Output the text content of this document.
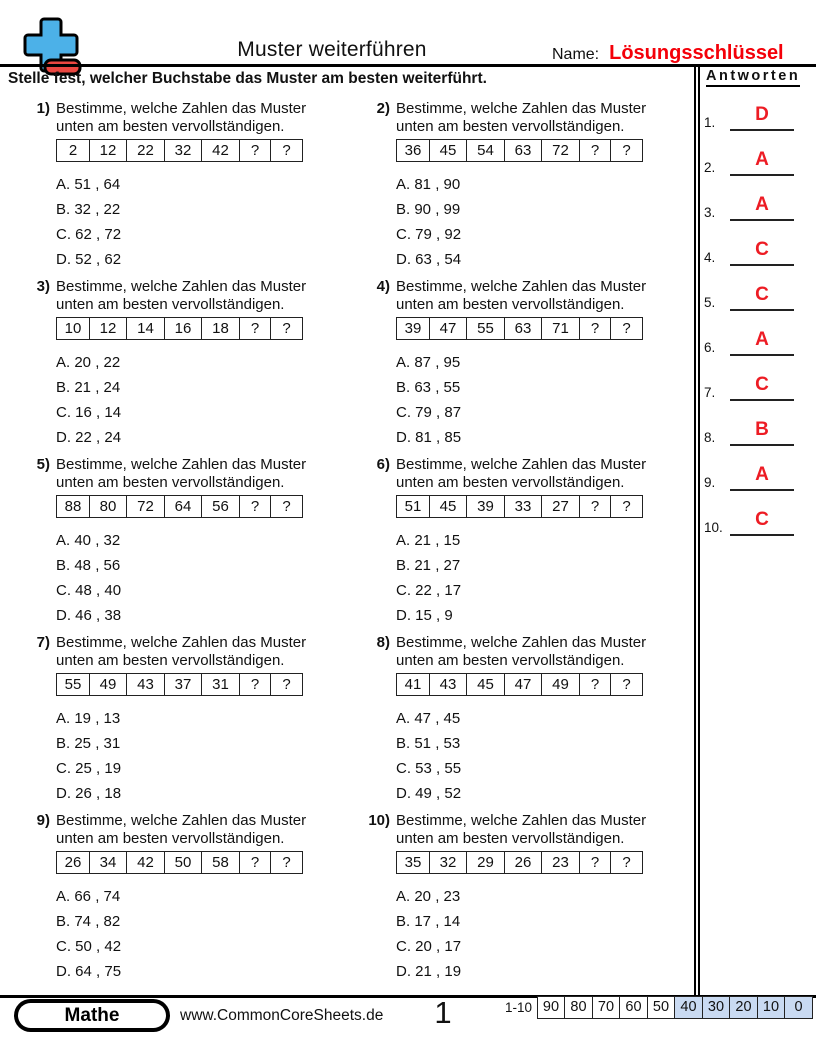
Muster weiterführen	Name: Lösungsschlüssel
Stelle fest, welcher Buchstabe das Muster am besten weiterführt.
1) Bestimme, welche Zahlen das Muster
unten am besten vervollständigen.
2	12	22	32	42	?	?
A. 51 , 64
B. 32 , 22
C. 62 , 72
D. 52 , 62
2) Bestimme, welche Zahlen das Muster
unten am besten vervollständigen.
36	45	54	63	72	?	?
A. 81 , 90
B. 90 , 99
C. 79 , 92
D. 63 , 54
3) Bestimme, welche Zahlen das Muster
unten am besten vervollständigen.
10	12	14	16	18	?	?
A. 20 , 22
B. 21 , 24
C. 16 , 14
D. 22 , 24
4) Bestimme, welche Zahlen das Muster
unten am besten vervollständigen.
39	47	55	63	71	?	?
A. 87 , 95
B. 63 , 55
C. 79 , 87
D. 81 , 85
5) Bestimme, welche Zahlen das Muster
unten am besten vervollständigen.
88	80	72	64	56	?	?
A. 40 , 32
B. 48 , 56
C. 48 , 40
D. 46 , 38
6) Bestimme, welche Zahlen das Muster
unten am besten vervollständigen.
51	45	39	33	27	?	?
A. 21 , 15
B. 21 , 27
C. 22 , 17
D. 15 , 9
7) Bestimme, welche Zahlen das Muster
unten am besten vervollständigen.
55	49	43	37	31	?	?
A. 19 , 13
B. 25 , 31
C. 25 , 19
D. 26 , 18
8) Bestimme, welche Zahlen das Muster
unten am besten vervollständigen.
41	43	45	47	49	?	?
A. 47 , 45
B. 51 , 53
C. 53 , 55
D. 49 , 52
9) Bestimme, welche Zahlen das Muster
unten am besten vervollständigen.
26	34	42	50	58	?	?
A. 66 , 74
B. 74 , 82
C. 50 , 42
D. 64 , 75
10) Bestimme, welche Zahlen das Muster
unten am besten vervollständigen.
35	32	29	26	23	?	?
A. 20 , 23
B. 17 , 14
C. 20 , 17
D. 21 , 19
Antworten
1.	D
2.	A
3.	A
4.	C
5.	C
6.	A
7.	C
8.	B
9.	A
10.	C
Mathe	www.CommonCoreSheets.de	1	1-10 90 80 70 60 50 40 30 20 10	0
